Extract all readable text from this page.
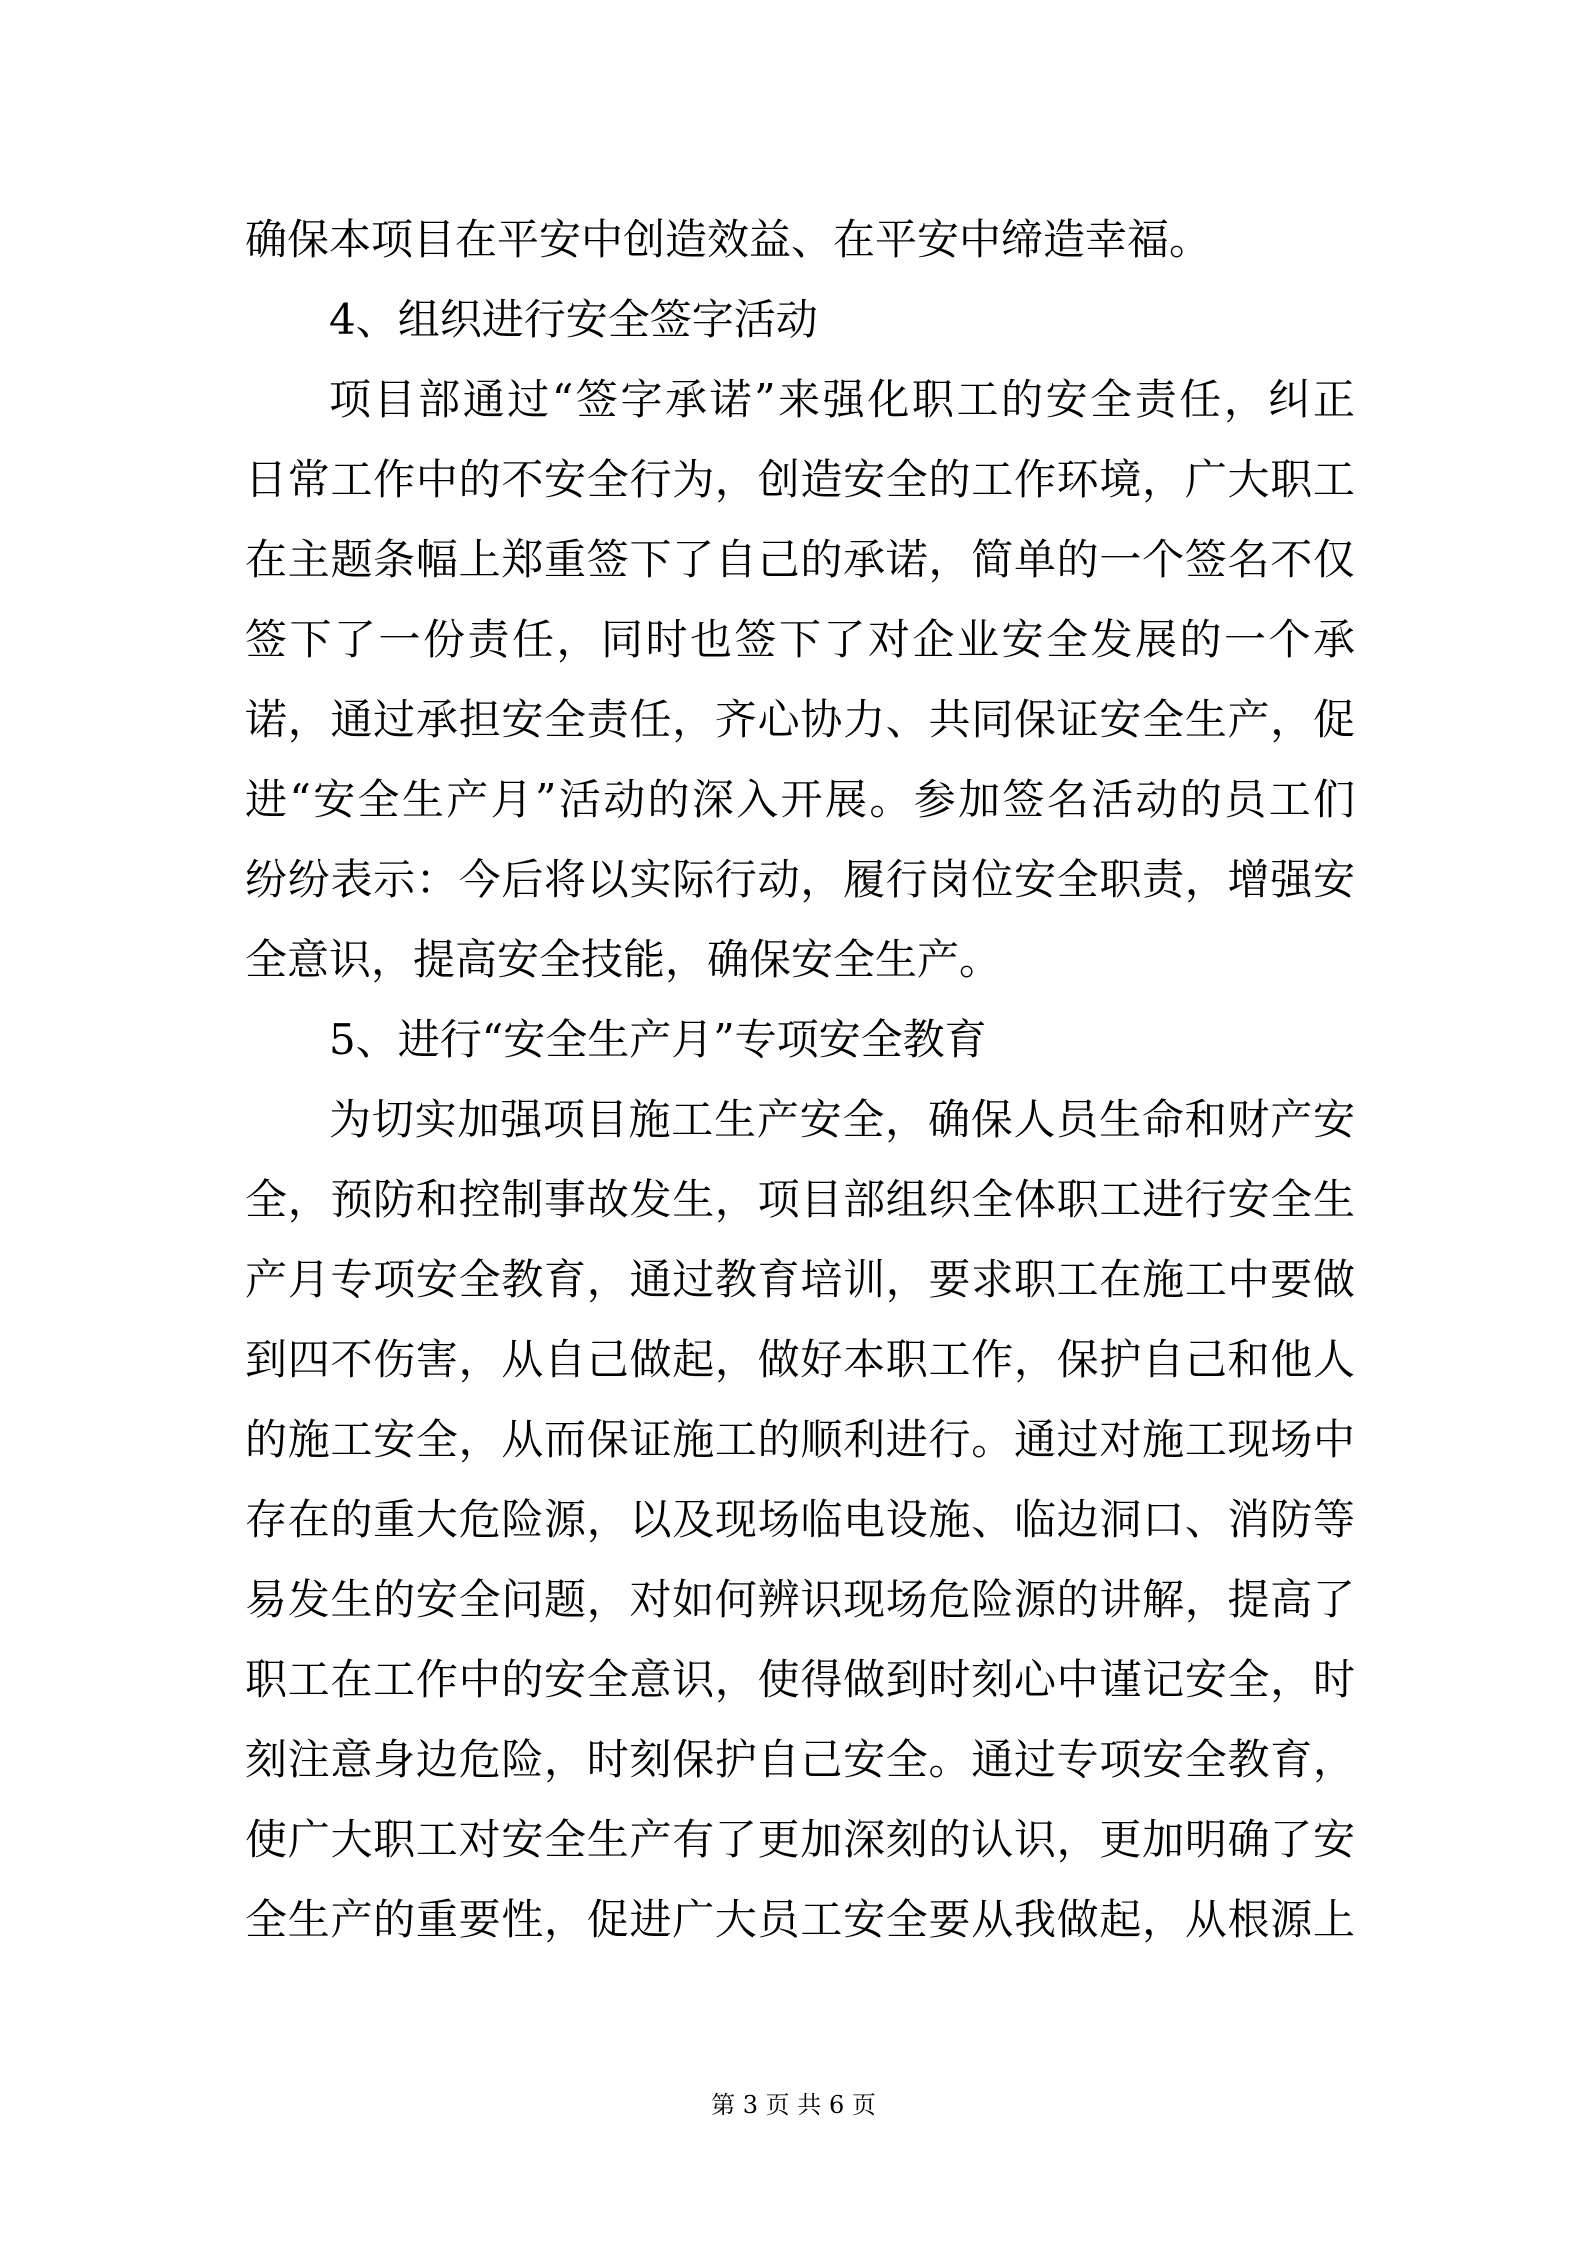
确保本项目在平安中创造效益、在平安中缔造幸福。
4、组织进行安全签字活动
项目部通过“签字承诺”来强化职工的安全责任，纠正
日常工作中的不安全行为，创造安全的工作环境，广大职工
在主题条幅上郑重签下了自己的承诺，简单的一个签名不仅
签下了一份责任，同时也签下了对企业安全发展的一个承
诺，通过承担安全责任，齐心协力、共同保证安全生产，促
进“安全生产月”活动的深入开展。参加签名活动的员工们
纷纷表示：今后将以实际行动，履行岗位安全职责，增强安
全意识，提高安全技能，确保安全生产。
5、进行“安全生产月”专项安全教育
为切实加强项目施工生产安全，确保人员生命和财产安
全，预防和控制事故发生，项目部组织全体职工进行安全生
产月专项安全教育，通过教育培训，要求职工在施工中要做
到四不伤害，从自己做起，做好本职工作，保护自己和他人
的施工安全，从而保证施工的顺利进行。通过对施工现场中
存在的重大危险源，以及现场临电设施、临边洞口、消防等
易发生的安全问题，对如何辨识现场危险源的讲解，提高了
职工在工作中的安全意识，使得做到时刻心中谨记安全，时
刻注意身边危险，时刻保护自己安全。通过专项安全教育，
使广大职工对安全生产有了更加深刻的认识，更加明确了安
全生产的重要性，促进广大员工安全要从我做起，从根源上
第 3 页 共 6 页
